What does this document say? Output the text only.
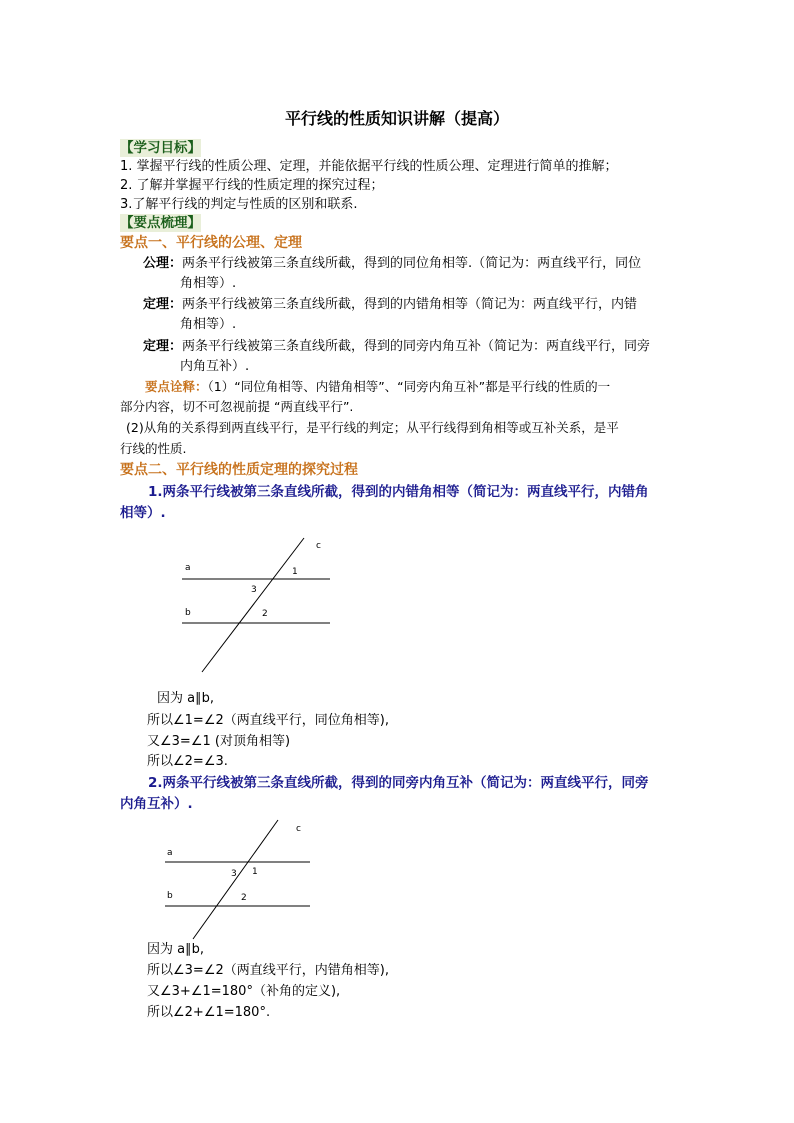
平行线的性质知识讲解（提高）
【学习目标】
1. 掌握平行线的性质公理、定理，并能依据平行线的性质公理、定理进行简单的推解；
2. 了解并掌握平行线的性质定理的探究过程；
3.了解平行线的判定与性质的区别和联系.
【要点梳理】
要点一、平行线的公理、定理
公理：两条平行线被第三条直线所截，得到的同位角相等.（简记为：两直线平行，同位
角相等）.
定理：两条平行线被第三条直线所截，得到的内错角相等（简记为：两直线平行，内错
角相等）.
定理：两条平行线被第三条直线所截，得到的同旁内角互补（简记为：两直线平行，同旁
内角互补）.
要点诠释：（1）“同位角相等、内错角相等”、“同旁内角互补”都是平行线的性质的一
部分内容，切不可忽视前提 “两直线平行”.
(2)从角的关系得到两直线平行，是平行线的判定；从平行线得到角相等或互补关系，是平
行线的性质.
要点二、平行线的性质定理的探究过程
1.两条平行线被第三条直线所截，得到的内错角相等（简记为：两直线平行，内错角
相等）.
c
a	1
3
b	2
因为 a∥b,
所以∠1=∠2（两直线平行，同位角相等),
又∠3=∠1 (对顶角相等)
所以∠2=∠3.
2.两条平行线被第三条直线所截，得到的同旁内角互补（简记为：两直线平行，同旁
内角互补）.
c
a
3 1
b	2
因为 a∥b,
所以∠3=∠2（两直线平行，内错角相等),
又∠3+∠1=180°（补角的定义),
所以∠2+∠1=180°.
